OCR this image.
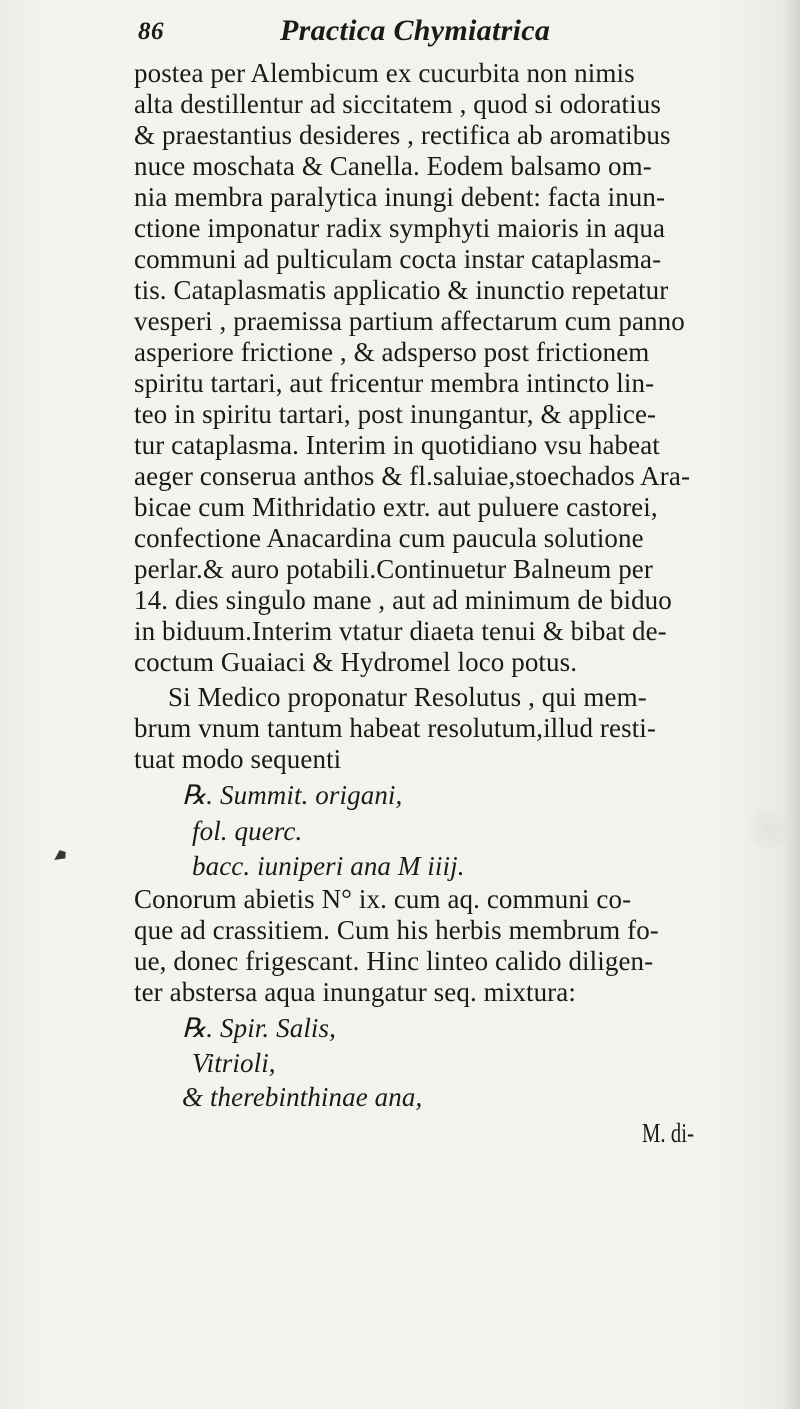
86	Practica Chymiatrica
postea per Alembicum ex cucurbita non nimis
alta destillentur ad siccitatem , quod si odoratius
& praestantius desideres , rectifica ab aromatibus
nuce moschata & Canella. Eodem balsamo om-
nia membra paralytica inungi debent: facta inun-
ctione imponatur radix symphyti maioris in aqua
communi ad pulticulam cocta instar cataplasma-
tis. Cataplasmatis applicatio & inunctio repetatur
vesperi , praemissa partium affectarum cum panno
asperiore frictione , & adsperso post frictionem
spiritu tartari, aut fricentur membra intincto lin-
teo in spiritu tartari, post inungantur, & applice-
tur cataplasma. Interim in quotidiano vsu habeat
aeger conserua anthos & fl.saluiae,stoechados Ara-
bicae cum Mithridatio extr. aut puluere castorei,
confectione Anacardina cum paucula solutione
perlar.& auro potabili.Continuetur Balneum per
14. dies singulo mane , aut ad minimum de biduo
in biduum.Interim vtatur diaeta tenui & bibat de-
coctum Guaiaci & Hydromel loco potus.
Si Medico proponatur Resolutus , qui mem-
brum vnum tantum habeat resolutum,illud resti-
tuat modo sequenti
℞. Summit. origani,
fol. querc.
bacc. iuniperi ana M iiij.
Conorum abietis N° ix. cum aq. communi co-
que ad crassitiem. Cum his herbis membrum fo-
ue, donec frigescant. Hinc linteo calido diligen-
ter abstersa aqua inungatur seq. mixtura:
℞. Spir. Salis,
Vitrioli,
& therebinthinae ana,
M. di-
